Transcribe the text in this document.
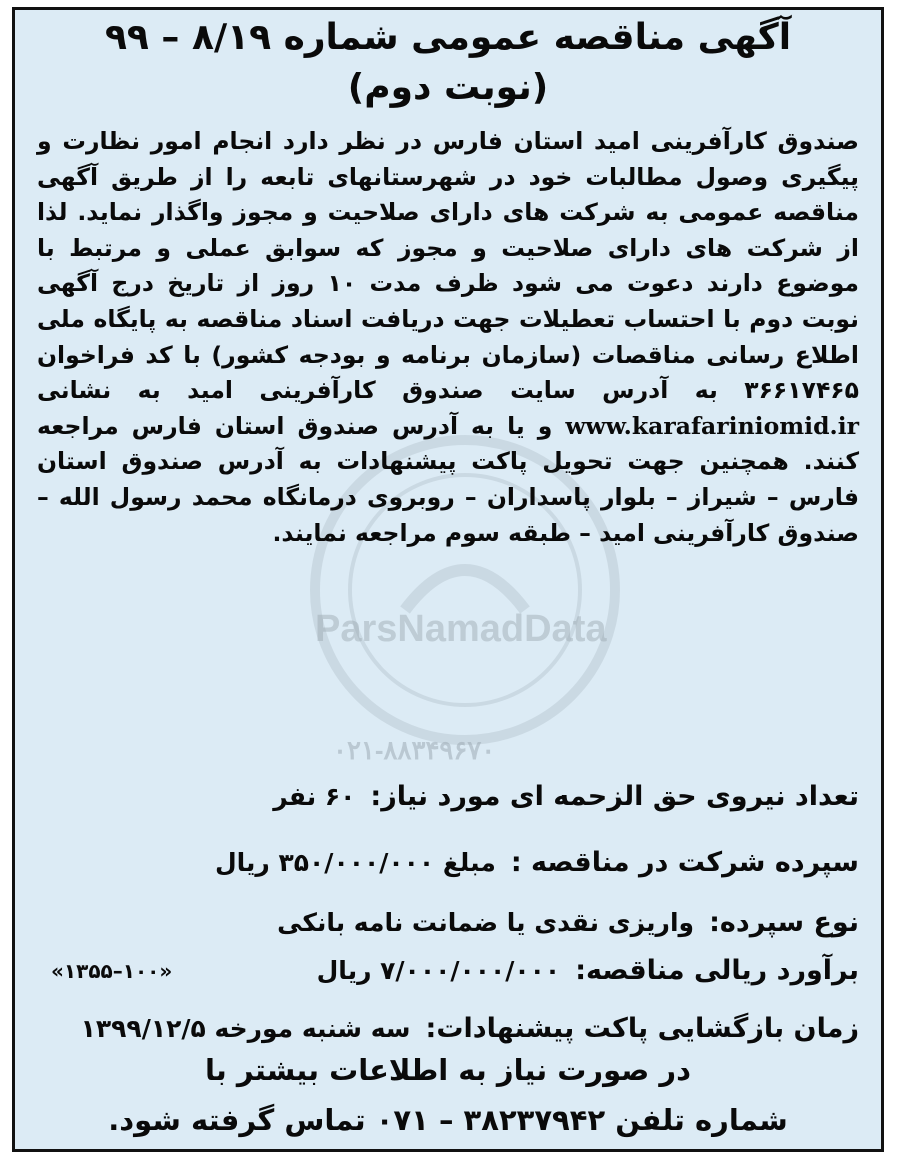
ParsNamadData
۰۲۱-۸۸۳۴۹۶۷۰
آگهی مناقصه عمومی شماره ۸/۱۹ – ۹۹
(نوبت دوم)
صندوق کارآفرینی امید استان فارس در نظر دارد انجام امور نظارت و پیگیری وصول مطالبات خود در شهرستانهای تابعه را از طریق آگهی مناقصه عمومی به شرکت های دارای صلاحیت و مجوز واگذار نماید. لذا از شرکت های دارای صلاحیت و مجوز که سوابق عملی و مرتبط با موضوع دارند دعوت می شود ظرف مدت ۱۰ روز از تاریخ درج آگهی نوبت دوم با احتساب تعطیلات جهت دریافت اسناد مناقصه به پایگاه ملی اطلاع رسانی مناقصات (سازمان برنامه و بودجه کشور) با کد فراخوان ۳۶۶۱۷۴۶۵ به آدرس سایت صندوق کارآفرینی امید به نشانی www.karafariniomid.ir و یا به آدرس صندوق استان فارس مراجعه کنند. همچنین جهت تحویل پاکت پیشنهادات به آدرس صندوق استان فارس – شیراز – بلوار پاسداران – روبروی درمانگاه محمد رسول الله – صندوق کارآفرینی امید – طبقه سوم مراجعه نمایند.
تعداد نیروی حق الزحمه ای مورد نیاز: ۶۰ نفر
سپرده شرکت در مناقصه : مبلغ ۳۵۰/۰۰۰/۰۰۰ ریال
نوع سپرده: واریزی نقدی یا ضمانت نامه بانکی
برآورد ریالی مناقصه: ۷/۰۰۰/۰۰۰/۰۰۰ ریال
«۱۳۵۵–۱۰۰»
زمان بازگشایی پاکت پیشنهادات: سه شنبه مورخه ۱۳۹۹/۱۲/۵
در صورت نیاز به اطلاعات بیشتر با
شماره تلفن ۳۸۲۳۷۹۴۲ – ۰۷۱ تماس گرفته شود.
